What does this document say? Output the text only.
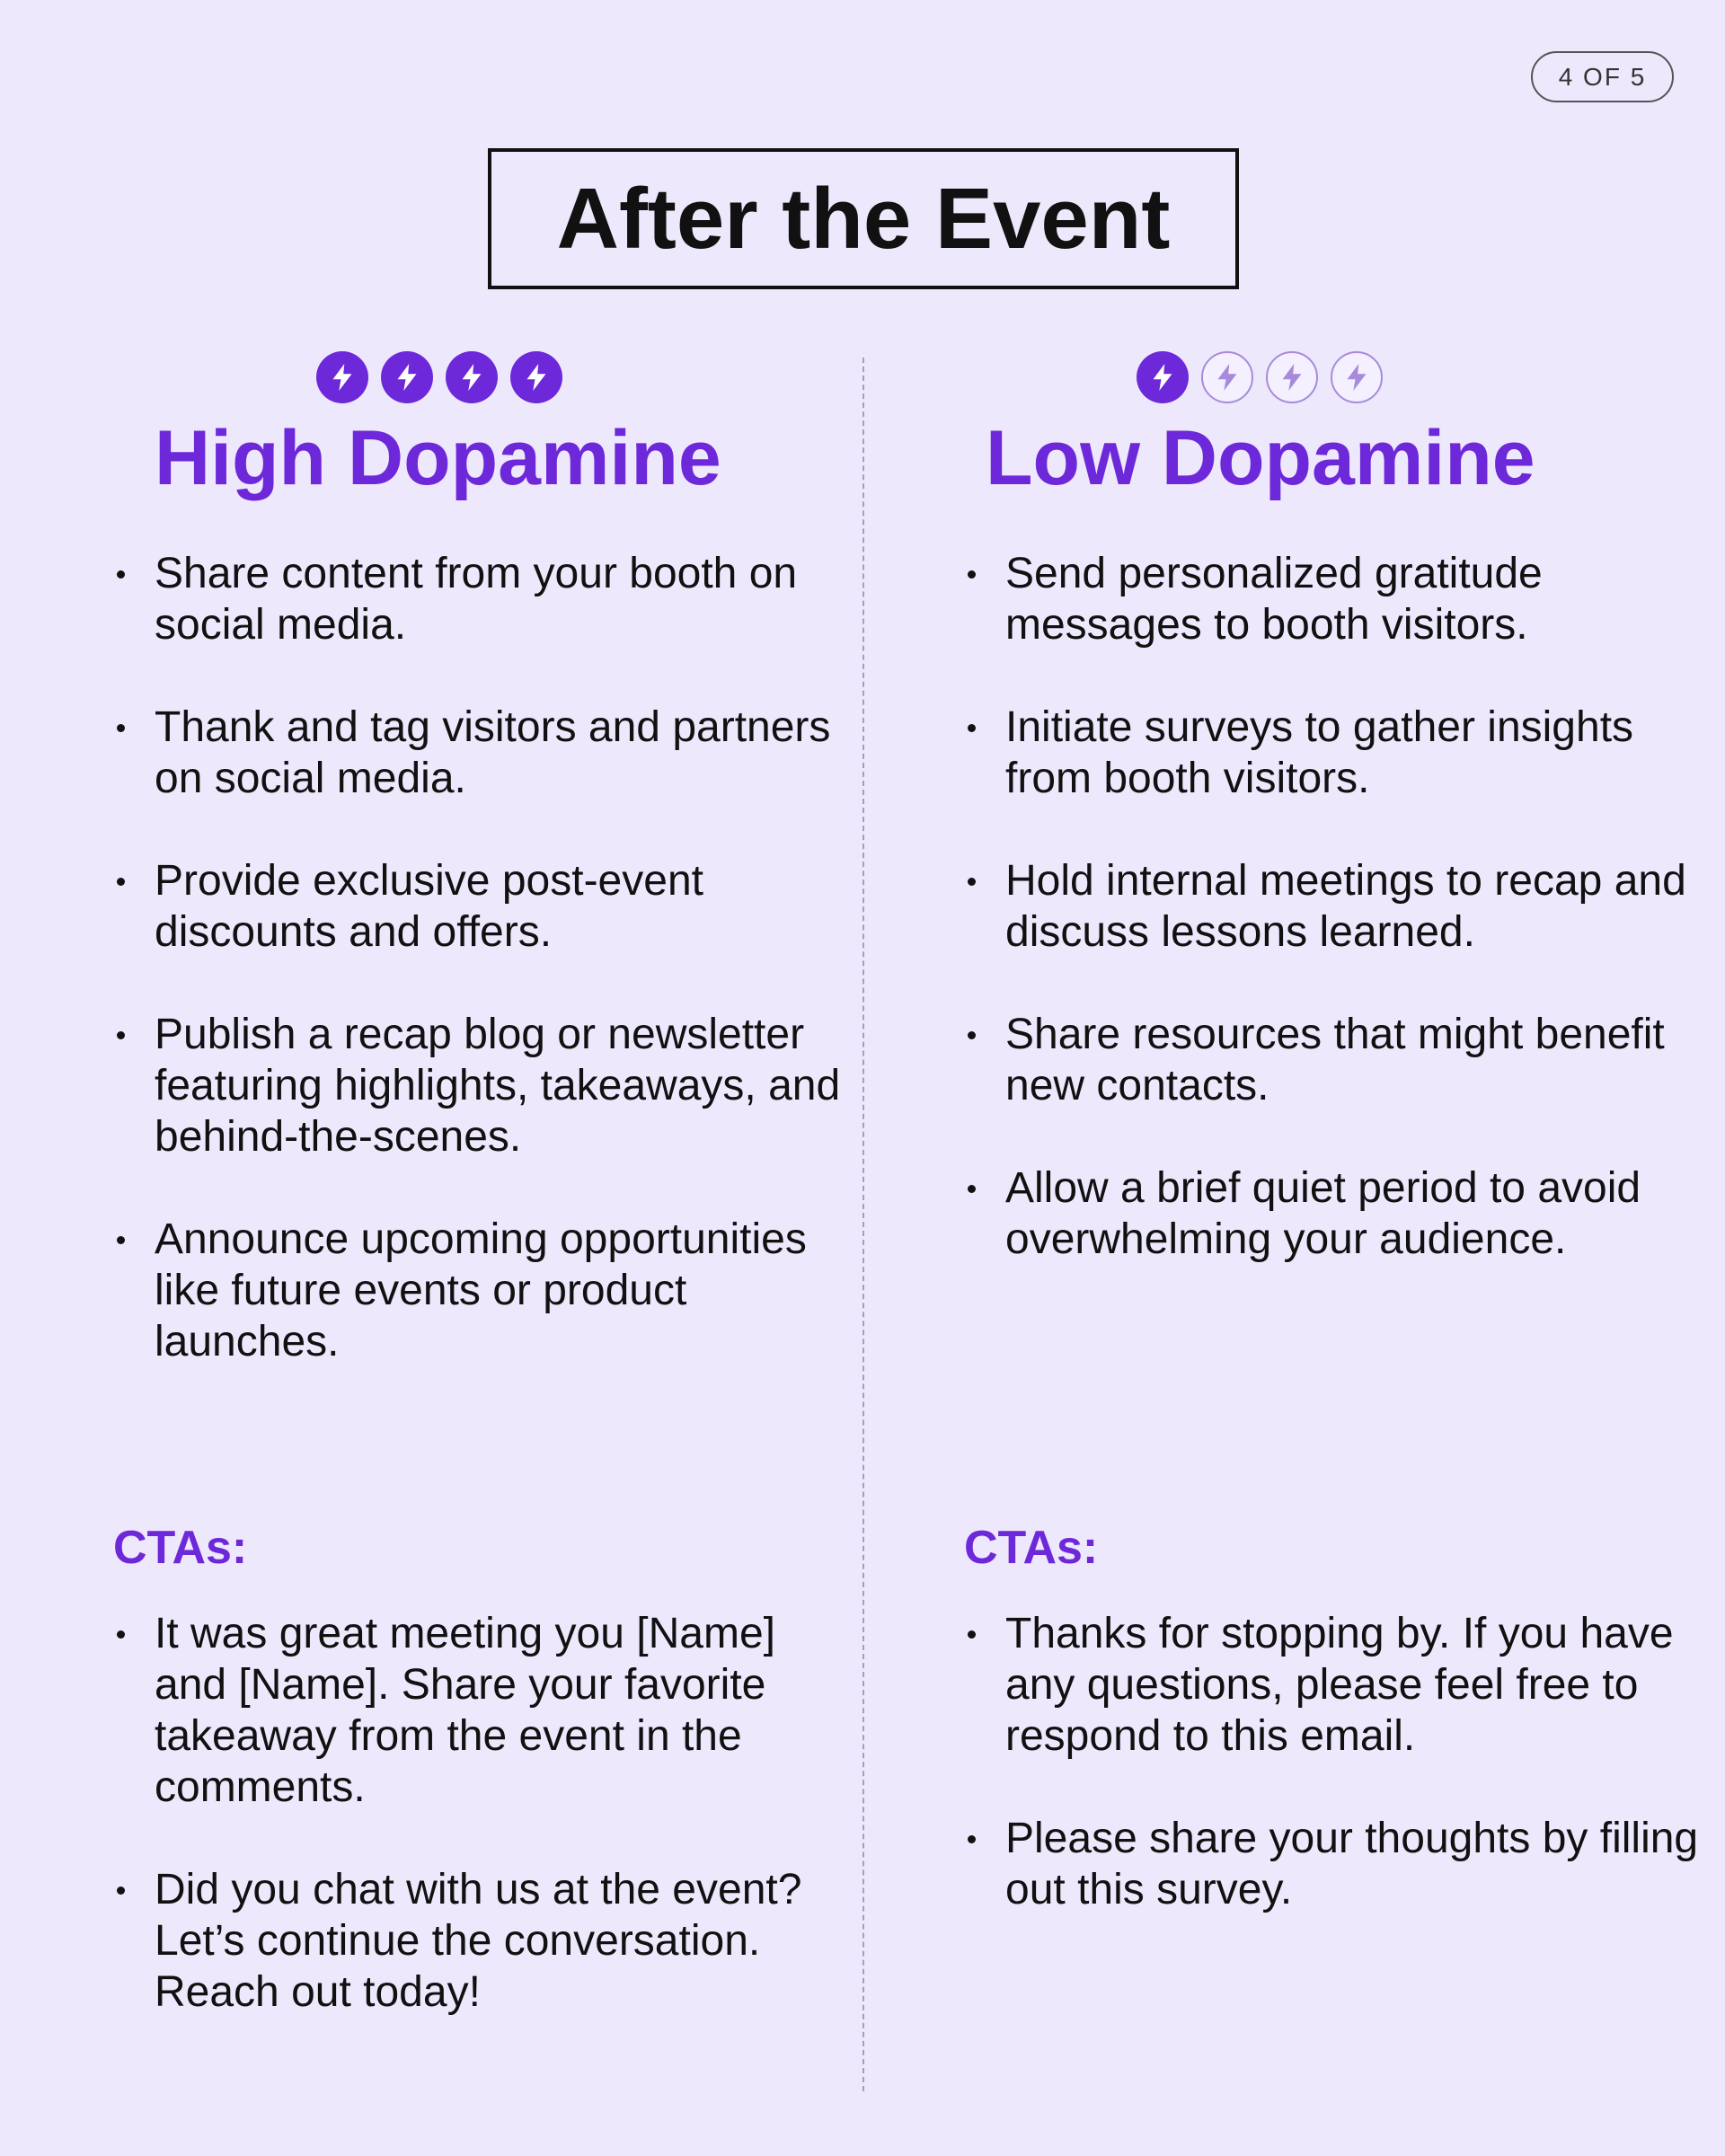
4 OF 5
After the Event
High Dopamine
Share content from your booth on social media.
Thank and tag visitors and partners on social media.
Provide exclusive post-event discounts and offers.
Publish a recap blog or newsletter featuring highlights, takeaways, and behind-the-scenes.
Announce upcoming opportunities like future events or product launches.
CTAs:
It was great meeting you [Name] and [Name]. Share your favorite takeaway from the event in the comments.
Did you chat with us at the event? Let’s continue the conversation. Reach out today!
Low Dopamine
Send personalized gratitude messages to booth visitors.
Initiate surveys to gather insights from booth visitors.
Hold internal meetings to recap and discuss lessons learned.
Share resources that might benefit new contacts.
Allow a brief quiet period to avoid overwhelming your audience.
CTAs:
Thanks for stopping by. If you have any questions, please feel free to respond to this email.
Please share your thoughts by filling out this survey.
